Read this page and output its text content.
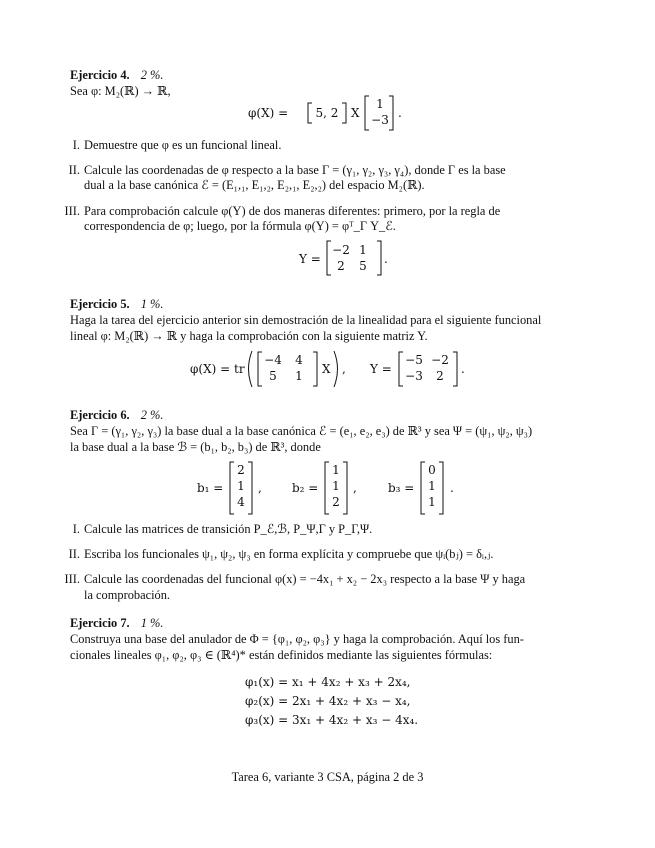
Ejercicio 4. 2 %.
Sea φ: M₂(ℝ) → ℝ,
φ(X) =	5, 2	X
1
−3 .
I. Demuestre que φ es un funcional lineal.
II. Calcule las coordenadas de φ respecto a la base Γ = (γ₁, γ₂, γ₃, γ₄), donde Γ es la base
dual a la base canónica ℰ = (E₁,₁, E₁,₂, E₂,₁, E₂,₂) del espacio M₂(ℝ).
III. Para comprobación calcule φ(Y) de dos maneras diferentes: primero, por la regla de
correspondencia de φ; luego, por la fórmula φ(Y) = φᵀ_Γ Y_ℰ.
Y =
−2 1
2	5	.
Ejercicio 5. 1 %.
Haga la tarea del ejercicio anterior sin demostración de la linealidad para el siguiente funcional
lineal φ: M₂(ℝ) → ℝ y haga la comprobación con la siguiente matriz Y.
φ(X) = tr
−4	4
5	1	X , Y =
−5 −2
−3	2	.
Ejercicio 6. 2 %.
Sea Γ = (γ₁, γ₂, γ₃) la base dual a la base canónica ℰ = (e₁, e₂, e₃) de ℝ³ y sea Ψ = (ψ₁, ψ₂, ψ₃)
la base dual a la base ℬ = (b₁, b₂, b₃) de ℝ³, donde
b₁ =
2
1
4
,	b₂ =
1
1
2
,	b₃ =
0
1
1
.
I. Calcule las matrices de transición P_ℰ,ℬ, P_Ψ,Γ y P_Γ,Ψ.
II. Escriba los funcionales ψ₁, ψ₂, ψ₃ en forma explícita y compruebe que ψᵢ(bⱼ) = δᵢ,ⱼ.
III. Calcule las coordenadas del funcional φ(x) = −4x₁ + x₂ − 2x₃ respecto a la base Ψ y haga
la comprobación.
Ejercicio 7. 1 %.
Construya una base del anulador de Φ = {φ₁, φ₂, φ₃} y haga la comprobación. Aquí los fun-
cionales lineales φ₁, φ₂, φ₃ ∈ (ℝ⁴)* están definidos mediante las siguientes fórmulas:
φ₁(x) = x₁ + 4x₂ + x₃ + 2x₄,
φ₂(x) = 2x₁ + 4x₂ + x₃ − x₄,
φ₃(x) = 3x₁ + 4x₂ + x₃ − 4x₄.
Tarea 6, variante 3 CSA, página 2 de 3
